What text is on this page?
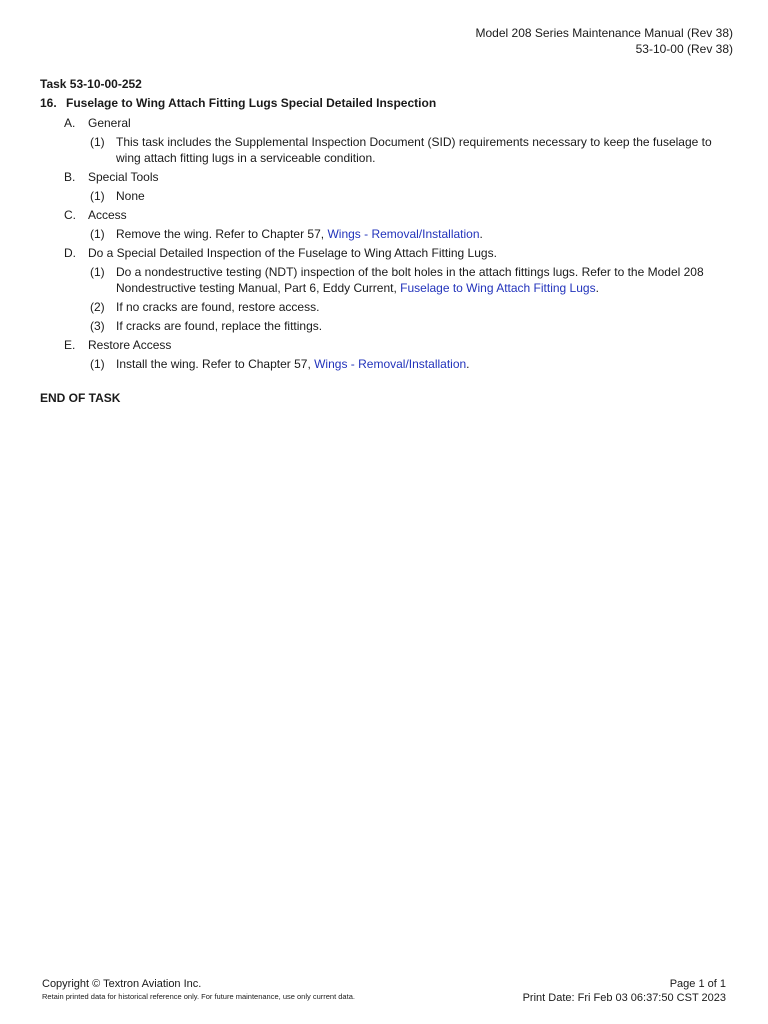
Model 208 Series Maintenance Manual (Rev 38)
53-10-00 (Rev 38)
Task 53-10-00-252
16. Fuselage to Wing Attach Fitting Lugs Special Detailed Inspection
A.	General
(1) This task includes the Supplemental Inspection Document (SID) requirements necessary to keep the fuselage to wing attach fitting lugs in a serviceable condition.
B.	Special Tools
(1) None
C.	Access
(1) Remove the wing. Refer to Chapter 57, Wings - Removal/Installation.
D.	Do a Special Detailed Inspection of the Fuselage to Wing Attach Fitting Lugs.
(1) Do a nondestructive testing (NDT) inspection of the bolt holes in the attach fittings lugs. Refer to the Model 208 Nondestructive testing Manual, Part 6, Eddy Current, Fuselage to Wing Attach Fitting Lugs.
(2) If no cracks are found, restore access.
(3) If cracks are found, replace the fittings.
E.	Restore Access
(1) Install the wing. Refer to Chapter 57, Wings - Removal/Installation.
END OF TASK
Copyright © Textron Aviation Inc.
Retain printed data for historical reference only. For future maintenance, use only current data.
Page 1 of 1
Print Date: Fri Feb 03 06:37:50 CST 2023
